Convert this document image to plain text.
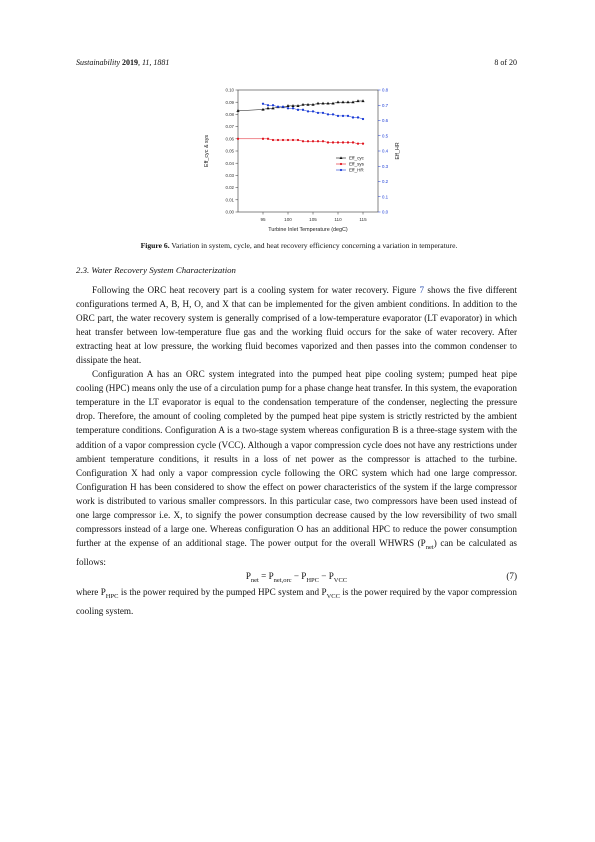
Sustainability 2019, 11, 1881	8 of 20
95	100	105	110	115
0.00
0.01
0.02
0.03
0.04
0.05
0.06
0.07
0.08
0.09
0.10
0.0
0.1
0.2
0.3
0.4
0.5
0.6
0.7
0.8
Turbine Inlet Temperature (degC)
Eff_cyc & sys	Eff_HR
Eff_cyc
Eff_sys
Eff_HR
Figure 6. Variation in system, cycle, and heat recovery efficiency concerning a variation in temperature.
2.3. Water Recovery System Characterization

Following the ORC heat recovery part is a cooling system for water recovery. Figure 7 shows the five different configurations termed A, B, H, O, and X that can be implemented for the given ambient conditions. In addition to the ORC part, the water recovery system is generally comprised of a low-temperature evaporator (LT evaporator) in which heat transfer between low-temperature flue gas and the working fluid occurs for the sake of water recovery. After extracting heat at low pressure, the working fluid becomes vaporized and then passes into the common condenser to dissipate the heat.

Configuration A has an ORC system integrated into the pumped heat pipe cooling system; pumped heat pipe cooling (HPC) means only the use of a circulation pump for a phase change heat transfer. In this system, the evaporation temperature in the LT evaporator is equal to the condensation temperature of the condenser, neglecting the pressure drop. Therefore, the amount of cooling completed by the pumped heat pipe system is strictly restricted by the ambient temperature conditions. Configuration A is a two-stage system whereas configuration B is a three-stage system with the addition of a vapor compression cycle (VCC). Although a vapor compression cycle does not have any restrictions under ambient temperature conditions, it results in a loss of net power as the compressor is attached to the turbine. Configuration X had only a vapor compression cycle following the ORC system which had one large compressor. Configuration H has been considered to show the effect on power characteristics of the system if the large compressor work is distributed to various smaller compressors. In this particular case, two compressors have been used instead of one large compressor i.e. X, to signify the power consumption decrease caused by the low reversibility of two small compressors instead of a large one. Whereas configuration O has an additional HPC to reduce the power consumption further at the expense of an additional stage. The power output for the overall WHWRS $(P_{net})$ can be calculated as follows:

$P_{net} = P_{net,orc} - P_{HPC} - P_{VCC}$	(7)

where $P_{HPC}$ is the power required by the pumped HPC system and $P_{VCC}$ is the power required by the vapor compression cooling system.
